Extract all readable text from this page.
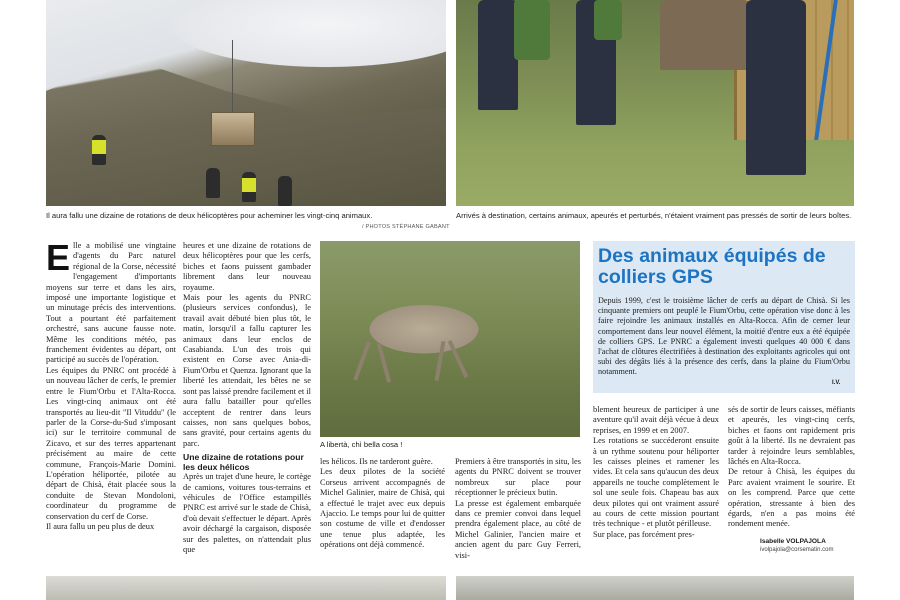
Il aura fallu une dizaine de rotations de deux hélicoptères pour acheminer les vingt-cinq animaux.
/ PHOTOS STÉPHANE GABANT
Arrivés à destination, certains animaux, apeurés et perturbés, n'étaient vraiment pas pressés de sortir de leurs boîtes.
E lle a mobilisé une vingtaine d'agents du Parc naturel régional de la Corse, nécessité l'engagement d'importants moyens sur terre et dans les airs, imposé une importante logistique et un minutage précis des interventions. Tout a pourtant été parfaitement orchestré, sans aucune fausse note. Même les conditions météo, pas franchement évidentes au départ, ont participé au succès de l'opération.

Les équipes du PNRC ont procédé à un nouveau lâcher de cerfs, le premier entre le Fium'Orbu et l'Alta-Rocca. Les vingt-cinq animaux ont été transportés au lieu-dit "Il Vituddu" (le parler de la Corse-du-Sud s'imposant ici) sur le territoire communal de Zicavo, et sur des terres appartenant précisément au maire de cette commune, François-Marie Domini. L'opération héliportée, pilotée au départ de Chisà, était placée sous la conduite de Stevan Mondoloni, coordinateur du programme de conservation du cerf de Corse.

Il aura fallu un peu plus de deux

heures et une dizaine de rotations de deux hélicoptères pour que les cerfs, biches et faons puissent gambader librement dans leur nouveau royaume.

Mais pour les agents du PNRC (plusieurs services confondus), le travail avait débuté bien plus tôt, le matin, lorsqu'il a fallu capturer les animaux dans leur enclos de Casabianda. L'un des trois qui existent en Corse avec Ania-di-Fium'Orbu et Quenza. Ignorant que la liberté les attendait, les bêtes ne se sont pas laissé prendre facilement et il aura fallu batailler pour qu'elles acceptent de rentrer dans leurs caisses, non sans quelques bobos, sans gravité, pour certains agents du parc.

Une dizaine de rotations pour les deux hélicos

Après un trajet d'une heure, le cortège de camions, voitures tous-terrains et véhicules de l'Office estampillés PNRC est arrivé sur le stade de Chisà, d'où devait s'effectuer le départ. Après avoir déchargé la cargaison, disposée sur des palettes, on n'attendait plus que

A libertà, chì bella cosa !

les hélicos. Ils ne tarderont guère.

Les deux pilotes de la société Corseus arrivent accompagnés de Michel Galinier, maire de Chisà, qui a effectué le trajet avec eux depuis Ajaccio. Le temps pour lui de quitter son costume de ville et d'endosser une tenue plus adaptée, les opérations ont déjà commencé.

Premiers à être transportés in situ, les agents du PNRC doivent se trouver nombreux sur place pour réceptionner le précieux butin.

La presse est également embarquée dans ce premier convoi dans lequel prendra également place, au côté de Michel Galinier, l'ancien maire et ancien agent du parc Guy Ferreri, visi-

Des animaux équipés de colliers GPS
Depuis 1999, c'est le troisième lâcher de cerfs au départ de Chisà. Si les cinquante premiers ont peuplé le Fium'Orbu, cette opération vise donc à les faire rejoindre les animaux installés en Alta-Rocca. Afin de cerner leur comportement dans leur nouvel élément, la moitié d'entre eux a été équipée de colliers GPS. Le PNRC a également investi quelques 40 000 € dans l'achat de clôtures électrifiées à destination des exploitants agricoles qui ont subi des dégâts liés à la présence des cerfs, dans la plaine du Fium'Orbu notamment.
I.V.

blement heureux de participer à une aventure qu'il avait déjà vécue à deux reprises, en 1999 et en 2007.

Les rotations se succéderont ensuite à un rythme soutenu pour héliporter les caisses pleines et ramener les vides. Et cela sans qu'aucun des deux appareils ne touche complètement le sol une seule fois. Chapeau bas aux deux pilotes qui ont vraiment assuré au cours de cette mission pourtant très technique - et plutôt périlleuse.

Sur place, pas forcément pres-

sés de sortir de leurs caisses, méfiants et apeurés, les vingt-cinq cerfs, biches et faons ont rapidement pris goût à la liberté. Ils ne devraient pas tarder à rejoindre leurs semblables, lâchés en Alta-Rocca.

De retour à Chisà, les équipes du Parc avaient vraiment le sourire. Et on les comprend. Parce que cette opération, stressante à bien des égards, n'en a pas moins été rondement menée.

Isabelle VOLPAJOLA
ivolpajola@corsematin.com
